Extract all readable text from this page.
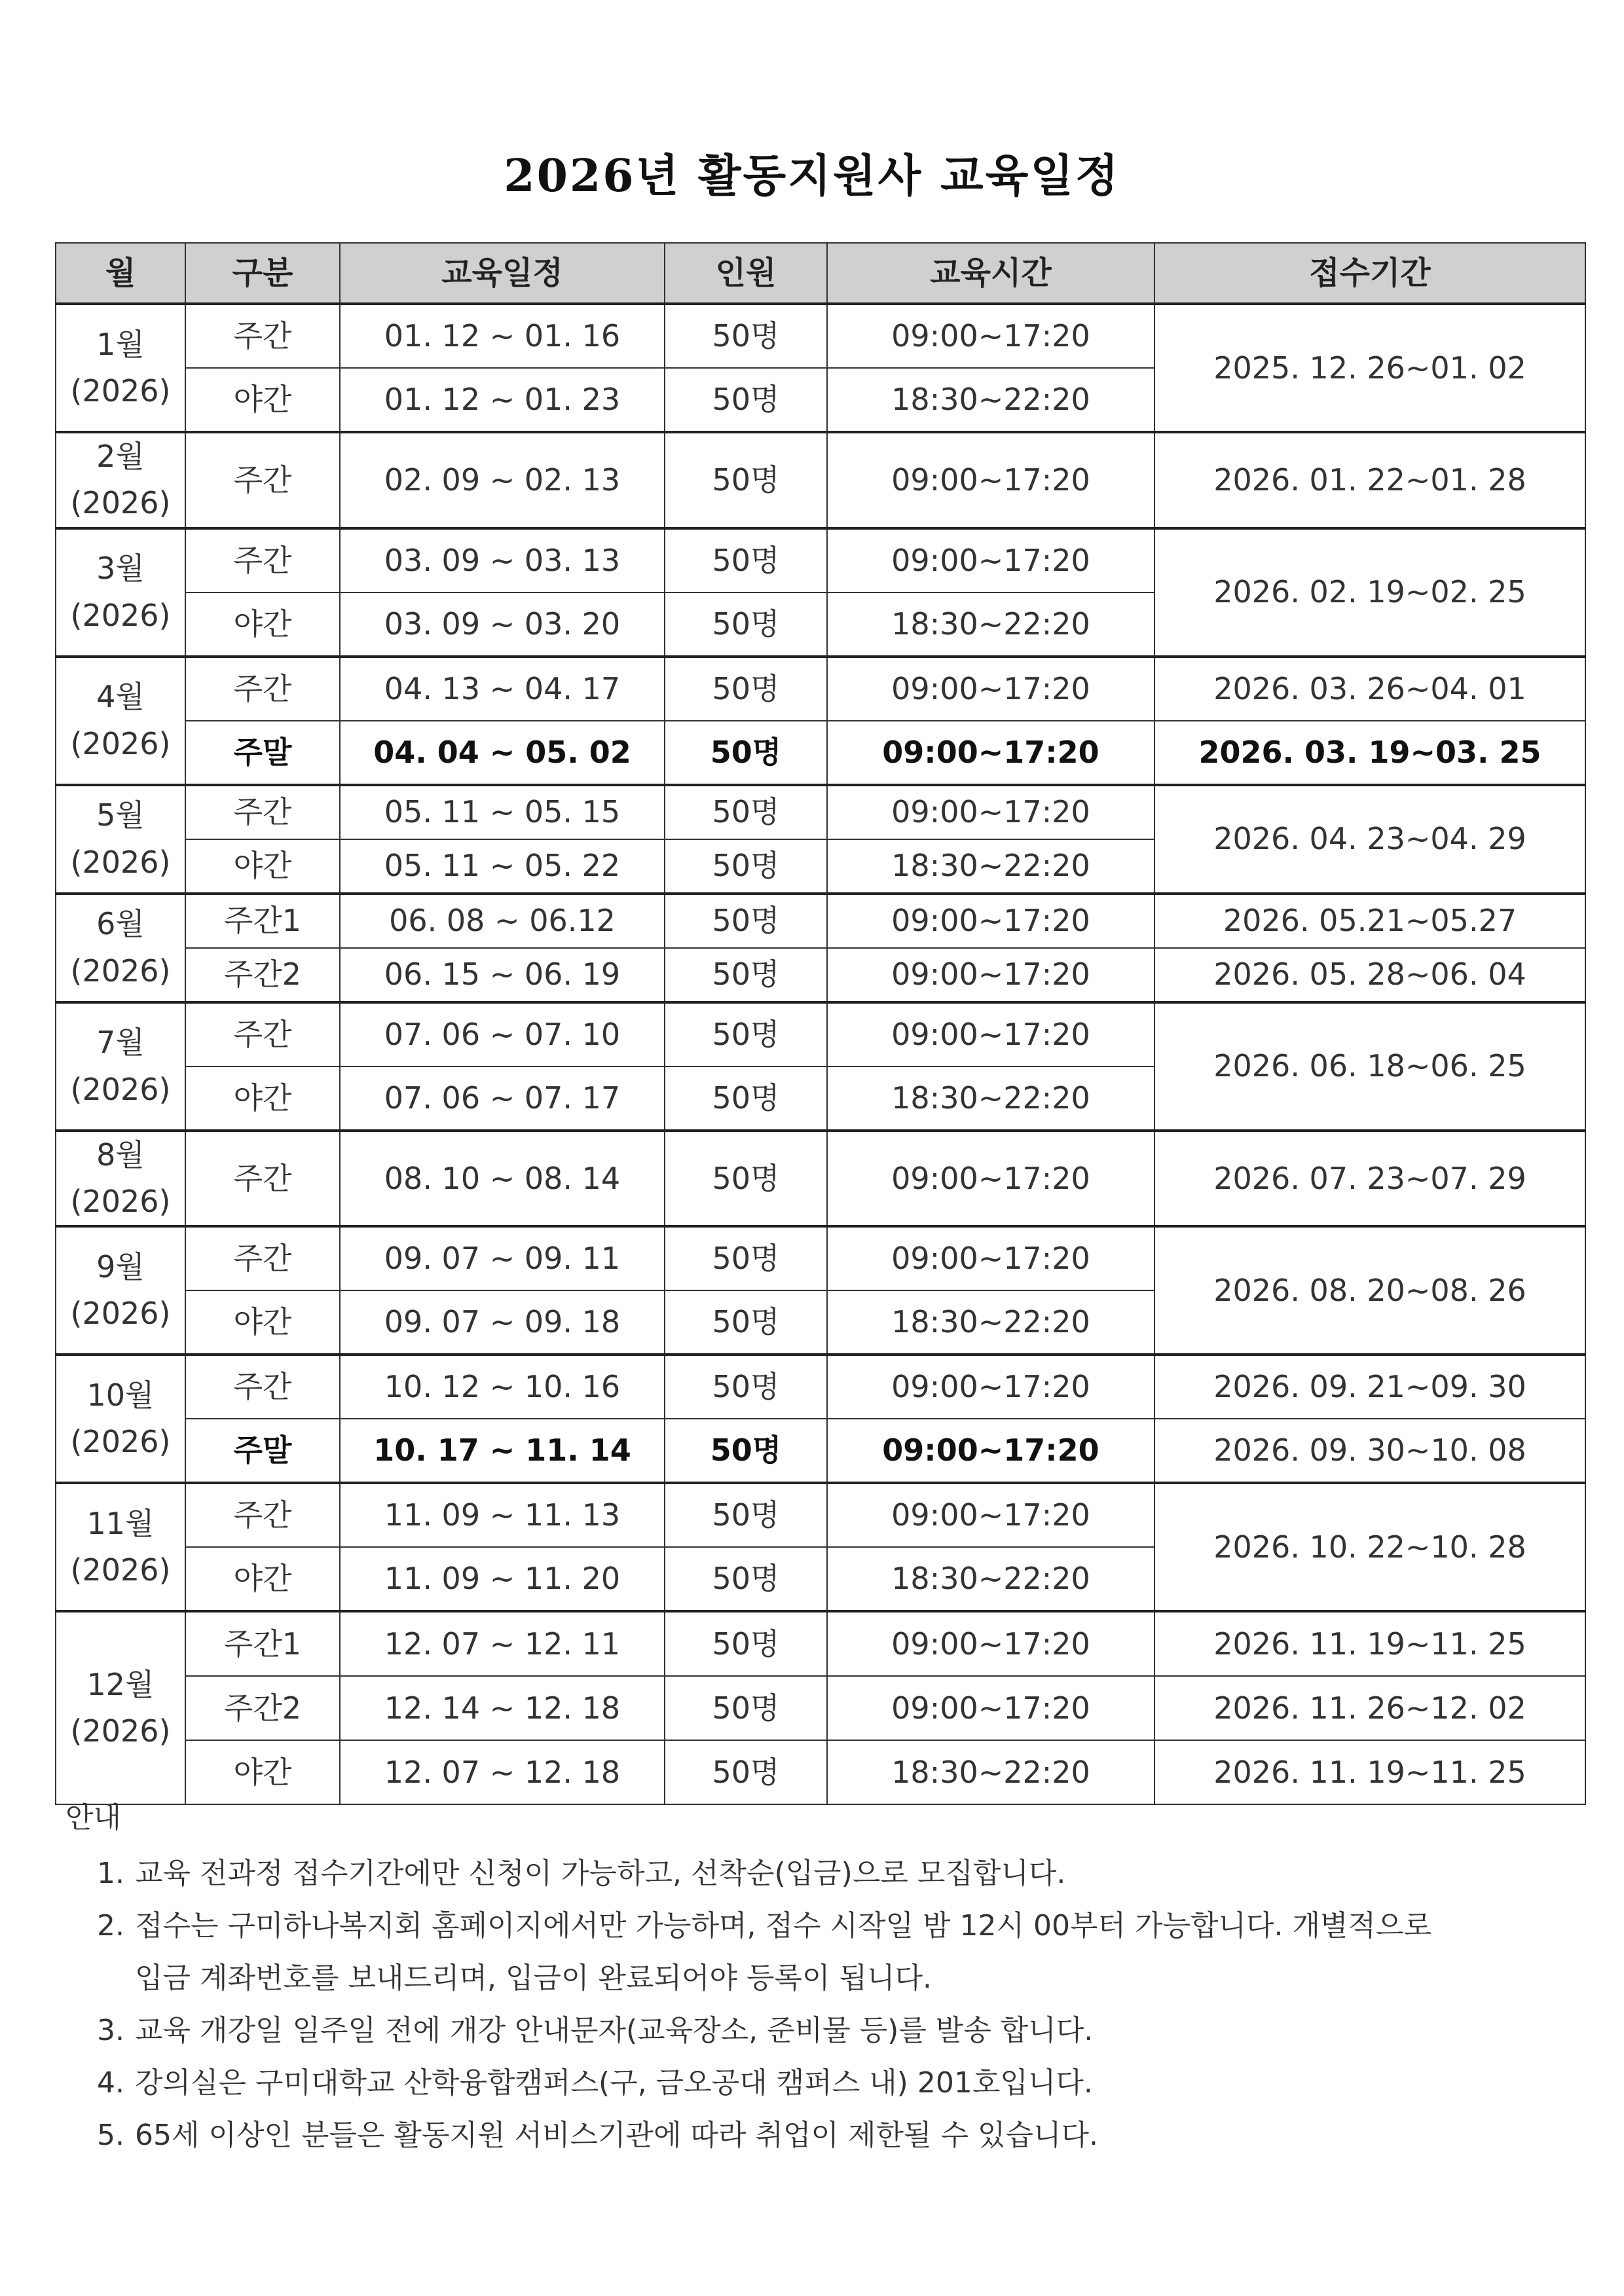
2026년 활동지원사 교육일정
월	구분	교육일정	인원	교육시간	접수기간
1월
(2026)	주간	01. 12 ~ 01. 16	50명	09:00~17:20	2025. 12. 26~01. 02
	야간	01. 12 ~ 01. 23	50명	18:30~22:20	
2월
(2026)	주간	02. 09 ~ 02. 13	50명	09:00~17:20	2026. 01. 22~01. 28
3월
(2026)	주간	03. 09 ~ 03. 13	50명	09:00~17:20	2026. 02. 19~02. 25
	야간	03. 09 ~ 03. 20	50명	18:30~22:20	
4월
(2026)	주간	04. 13 ~ 04. 17	50명	09:00~17:20	2026. 03. 26~04. 01
	주말	04. 04 ~ 05. 02	50명	09:00~17:20	2026. 03. 19~03. 25
5월
(2026)	주간	05. 11 ~ 05. 15	50명	09:00~17:20	2026. 04. 23~04. 29
	야간	05. 11 ~ 05. 22	50명	18:30~22:20	
6월
(2026)	주간1	06. 08 ~ 06.12	50명	09:00~17:20	2026. 05.21~05.27
	주간2	06. 15 ~ 06. 19	50명	09:00~17:20	2026. 05. 28~06. 04
7월
(2026)	주간	07. 06 ~ 07. 10	50명	09:00~17:20	2026. 06. 18~06. 25
	야간	07. 06 ~ 07. 17	50명	18:30~22:20	
8월
(2026)	주간	08. 10 ~ 08. 14	50명	09:00~17:20	2026. 07. 23~07. 29
9월
(2026)	주간	09. 07 ~ 09. 11	50명	09:00~17:20	2026. 08. 20~08. 26
	야간	09. 07 ~ 09. 18	50명	18:30~22:20	
10월
(2026)	주간	10. 12 ~ 10. 16	50명	09:00~17:20	2026. 09. 21~09. 30
	주말	10. 17 ~ 11. 14	50명	09:00~17:20	2026. 09. 30~10. 08
11월
(2026)	주간	11. 09 ~ 11. 13	50명	09:00~17:20	2026. 10. 22~10. 28
	야간	11. 09 ~ 11. 20	50명	18:30~22:20	
12월
(2026)	주간1	12. 07 ~ 12. 11	50명	09:00~17:20	2026. 11. 19~11. 25
	주간2	12. 14 ~ 12. 18	50명	09:00~17:20	2026. 11. 26~12. 02
	야간	12. 07 ~ 12. 18	50명	18:30~22:20	2026. 11. 19~11. 25
안내
1. 교육 전과정 접수기간에만 신청이 가능하고, 선착순(입금)으로 모집합니다.
2. 접수는 구미하나복지회 홈페이지에서만 가능하며, 접수 시작일 밤 12시 00부터 가능합니다. 개별적으로
입금 계좌번호를 보내드리며, 입금이 완료되어야 등록이 됩니다.
3. 교육 개강일 일주일 전에 개강 안내문자(교육장소, 준비물 등)를 발송 합니다.
4. 강의실은 구미대학교 산학융합캠퍼스(구, 금오공대 캠퍼스 내) 201호입니다.
5. 65세 이상인 분들은 활동지원 서비스기관에 따라 취업이 제한될 수 있습니다.
